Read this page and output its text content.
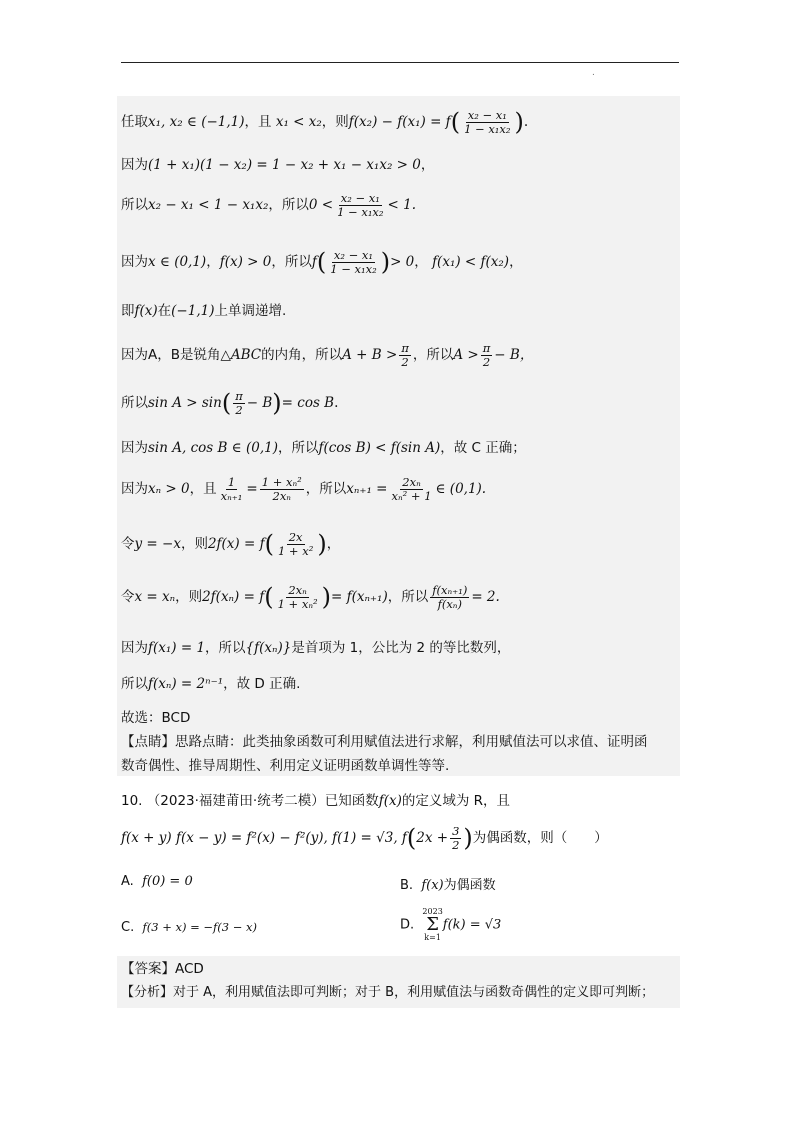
.
任取x₁, x₂ ∈ (−1,1)，且 x₁ < x₂，则$f(x_2) - f(x_1) = f( \frac{\text{x₂ − x₁}}{\text{1 − x₁x₂}}$ ).
因为(1 + x₁)(1 − x₂) = 1 − x₂ + x₁ − x₁x₂ > 0，
所以x₂ − x₁ < 1 − x₁x₂，所以$0 < \frac{\text{x₂ − x₁}}{\text{1 − x₁x₂}} < 1$.
因为x ∈ (0,1)，f(x) > 0，所以$f( \frac{\text{x₂ − x₁}}{\text{1 − x₁x₂}}$ )> 0， f(x₁) < f(x₂)，
即f(x)在(−1,1)上单调递增.
因为A，B是锐角△ABC的内角，所以$A + B > \frac{\pi}{2}$ ，所以$A > \frac{\pi}{2} - B$，
所以$\sin A > \sin( \frac{\pi}{2} - B)= \cos B$.
因为sin A, cos B ∈ (0,1)，所以f(cos B) < f(sin A)，故 C 正确；
因为xₙ > 0，且 $\frac{1}{\text{xₙ₊₁}} = \frac{\text{1 + xₙ²}}{\text{2xₙ}}$ ，所以$x_{n+1} = \frac{\text{2xₙ}}{\text{xₙ² + 1}}$ ∈ (0,1).
令y = −x，则$2f(x) = f( \frac{2x}{\text{1 + x²}}$ )，
令x = xₙ，则$2f(x_n) = f( \frac{\text{2xₙ}}{\text{1 + xₙ²}}$ )= f(xₙ₊₁)，所以 $\frac{\text{f(xₙ₊₁)}}{\text{f(xₙ)}} = 2$.
因为f(x₁) = 1，所以{f(xₙ)}是首项为 1，公比为 2 的等比数列，
所以f(xₙ) = 2ⁿ⁻¹，故 D 正确.
故选：BCD
【点睛】思路点睛：此类抽象函数可利用赋值法进行求解，利用赋值法可以求值、证明函
数奇偶性、推导周期性、利用定义证明函数单调性等等.
10. （2023·福建莆田·统考二模）已知函数f(x)的定义域为 R，且
f(x + y) f(x − y) = f²(x) − f²(y), f(1) = √3, $f(2x + \frac{3}{2}$ )为偶函数，则（　　）
A. f(0) = 0	B. f(x)为偶函数
C. f(3 + x) = −f(3 − x)	D.
2023
Σ
k=1
f(k) = √3
【答案】ACD
【分析】对于 A，利用赋值法即可判断；对于 B，利用赋值法与函数奇偶性的定义即可判断；
